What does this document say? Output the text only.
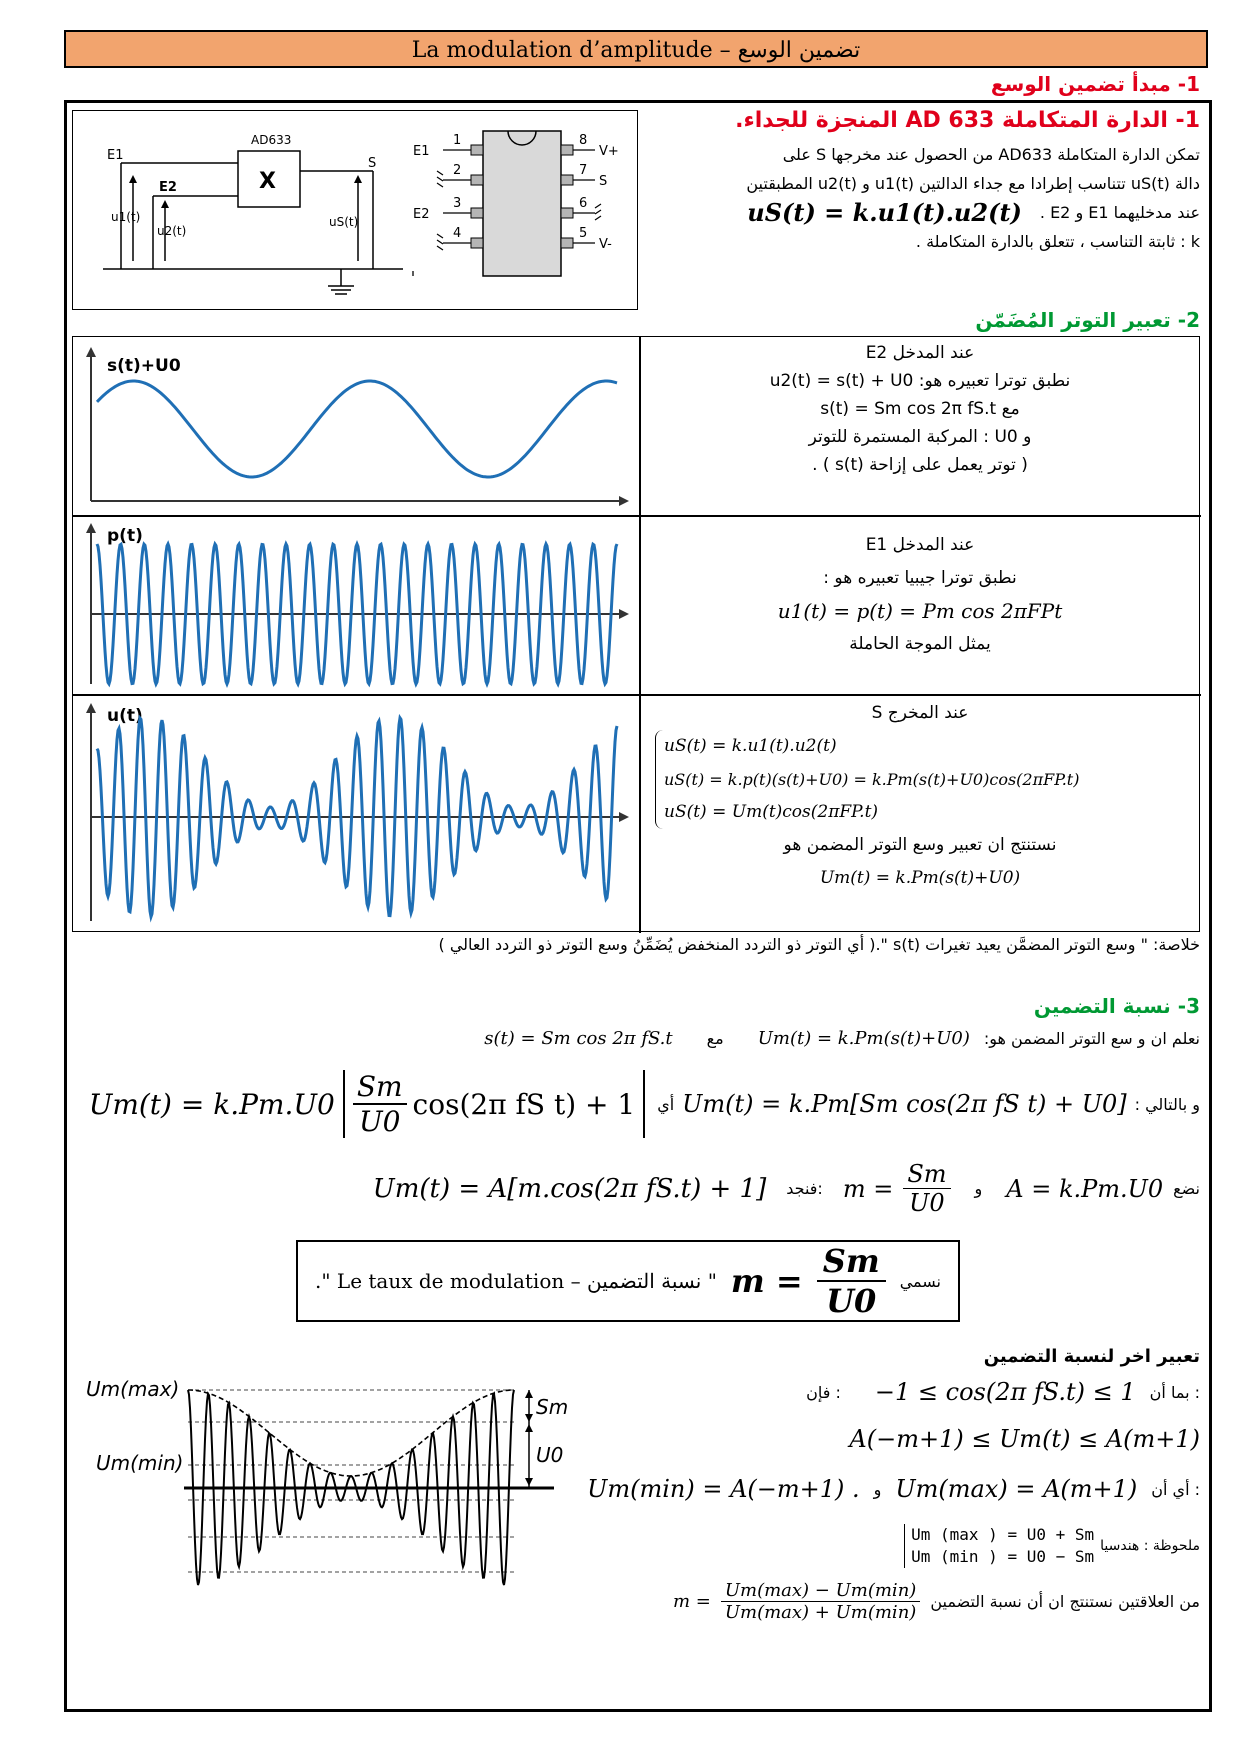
La modulation d’amplitude – تضمين الوسع
1- مبدأ تضمين الوسع
AD633
X
E1
E2
S
u1(t)
u2(t)
uS(t)
E1
E2
1
2
3
4
8
7
6
5
V+
S
V-
1- الدارة المتكاملة AD 633 المنجزة للجداء.
تمكن الدارة المتكاملة AD633 من الحصول عند مخرجها S على
دالة uS(t) تتناسب إطرادا مع جداء الدالتين u1(t) و u2(t) المطبقتين
عند مدخليهما E1 و E2 .
uS(t) = k.u1(t).u2(t)
k : ثابتة التناسب ، تتعلق بالدارة المتكاملة .
2- تعبير التوتر المُضَمّن
s(t)+U0
p(t)
u(t)
عند المدخل E2
نطبق توترا تعبيره هو: u2(t) = s(t) + U0
مع s(t) = Sm cos 2π fS.t
و U0 : المركبة المستمرة للتوتر
( توتر يعمل على إزاحة s(t) ) .
عند المدخل E1
نطبق توترا جيبيا تعبيره هو :
u1(t) = p(t) = Pm cos 2πFPt
يمثل الموجة الحاملة
عند المخرج S
uS(t) = k.u1(t).u2(t)
uS(t) = k.p(t)(s(t)+U0) = k.Pm(s(t)+U0)cos(2πFP.t)
uS(t) = Um(t)cos(2πFP.t)
نستنتج ان تعبير وسع التوتر المضمن هو
Um(t) = k.Pm(s(t)+U0)
خلاصة: " وسع التوتر المضمَّن يعيد تغيرات s(t) ".( أي التوتر ذو التردد المنخفض يُضَمِّنُ وسع التوتر ذو التردد العالي )
3- نسبة التضمين
نعلم ان و سع التوتر المضمن هو:
Um(t) = k.Pm(s(t)+U0)
مع
s(t) = Sm cos 2π fS.t
و بالتالي :
Um(t) = k.Pm[Sm cos(2π fS t) + U0]
أي
$\frac{Sm}{U0} \cos(2\pi$ fS t) + 1
Um(t) = k.Pm.U0
نضع
A = k.Pm.U0
و
$\frac{Sm}{U0}$
m =
فنجد:
Um(t) = A[m.cos(2π fS.t) + 1]
نسمي
$\frac{Sm}{U0}$
m =
" نسبة التضمين – Le taux de modulation ".
تعبير اخر لنسبة التضمين
بما أن :
−1 ≤ cos(2π fS.t) ≤ 1
فإن :
A(−m+1) ≤ Um(t) ≤ A(m+1)
أي أن :
Um(max) = A(m+1)
و
Um(min) = A(−m+1) .
ملحوظة : هندسيا
Um (max ) = U0 + Sm
Um (min ) = U0 − Sm
من العلاقتين نستنتج ان أن نسبة التضمين
Um(max) − Um(min)
Um(max) + Um(min)
m =
Um(max)
Um(min)
Sm
U0
